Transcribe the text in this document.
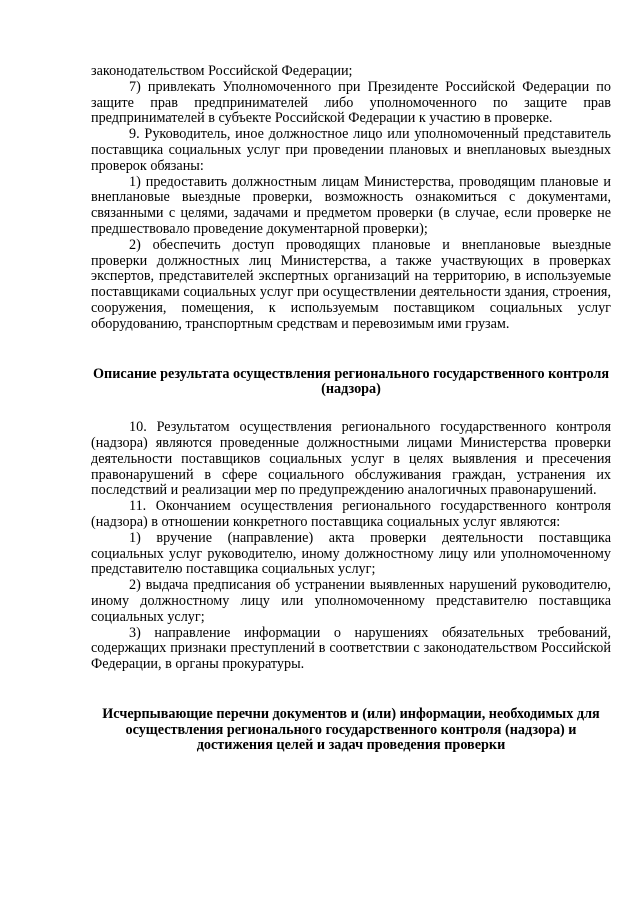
законодательством Российской Федерации;

7) привлекать Уполномоченного при Президенте Российской Федерации по защите прав предпринимателей либо уполномоченного по защите прав предпринимателей в субъекте Российской Федерации к участию в проверке.

9. Руководитель, иное должностное лицо или уполномоченный представитель поставщика социальных услуг при проведении плановых и внеплановых выездных проверок обязаны:

1) предоставить должностным лицам Министерства, проводящим плановые и внеплановые выездные проверки, возможность ознакомиться с документами, связанными с целями, задачами и предметом проверки (в случае, если проверке не предшествовало проведение документарной проверки);

2) обеспечить доступ проводящих плановые и внеплановые выездные проверки должностных лиц Министерства, а также участвующих в проверках экспертов, представителей экспертных организаций на территорию, в используемые поставщиками социальных услуг при осуществлении деятельности здания, строения, сооружения, помещения, к используемым поставщиком социальных услуг оборудованию, транспортным средствам и перевозимым ими грузам.

Описание результата осуществления регионального государственного контроля (надзора)

10. Результатом осуществления регионального государственного контроля (надзора) являются проведенные должностными лицами Министерства проверки деятельности поставщиков социальных услуг в целях выявления и пресечения правонарушений в сфере социального обслуживания граждан, устранения их последствий и реализации мер по предупреждению аналогичных правонарушений.

11. Окончанием осуществления регионального государственного контроля (надзора) в отношении конкретного поставщика социальных услуг являются:

1) вручение (направление) акта проверки деятельности поставщика социальных услуг руководителю, иному должностному лицу или уполномоченному представителю поставщика социальных услуг;

2) выдача предписания об устранении выявленных нарушений руководителю, иному должностному лицу или уполномоченному представителю поставщика социальных услуг;

3) направление информации о нарушениях обязательных требований, содержащих признаки преступлений в соответствии с законодательством Российской Федерации, в органы прокуратуры.

Исчерпывающие перечни документов и (или) информации, необходимых для осуществления регионального государственного контроля (надзора) и достижения целей и задач проведения проверки
